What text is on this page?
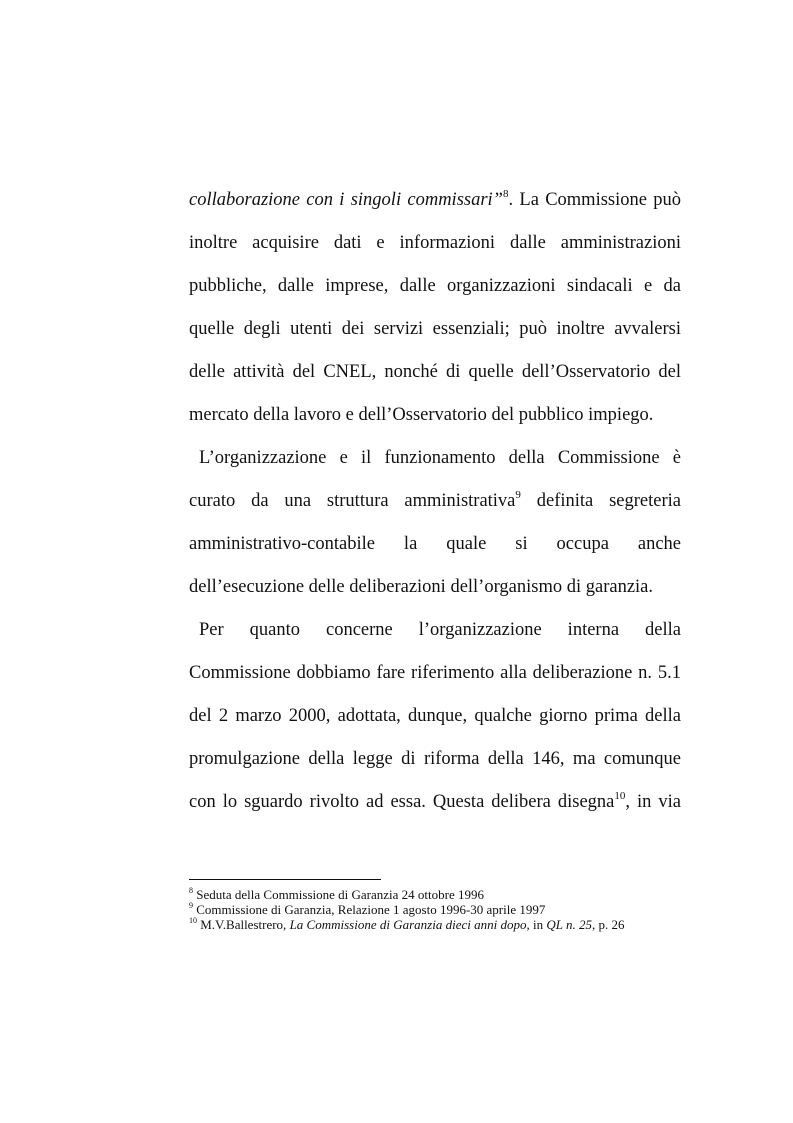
collaborazione con i singoli commissari”$^8$. La Commissione può
inoltre acquisire dati e informazioni dalle amministrazioni
pubbliche, dalle imprese, dalle organizzazioni sindacali e da
quelle degli utenti dei servizi essenziali; può inoltre avvalersi
delle attività del CNEL, nonché di quelle dell’Osservatorio del
mercato della lavoro e dell’Osservatorio del pubblico impiego.
L’organizzazione e il funzionamento della Commissione è
curato da una struttura amministrativa$^9$ definita segreteria
amministrativo-contabile la quale si occupa anche
dell’esecuzione delle deliberazioni dell’organismo di garanzia.
Per quanto concerne l’organizzazione interna della
Commissione dobbiamo fare riferimento alla deliberazione n. 5.1
del 2 marzo 2000, adottata, dunque, qualche giorno prima della
promulgazione della legge di riforma della 146, ma comunque
con lo sguardo rivolto ad essa. Questa delibera disegna$^{10}$, in via
$^8$ Seduta della Commissione di Garanzia 24 ottobre 1996
$^9$ Commissione di Garanzia, Relazione 1 agosto 1996-30 aprile 1997
$^{10}$ M.V.Ballestrero, La Commissione di Garanzia dieci anni dopo, in QL n. 25, p. 26
